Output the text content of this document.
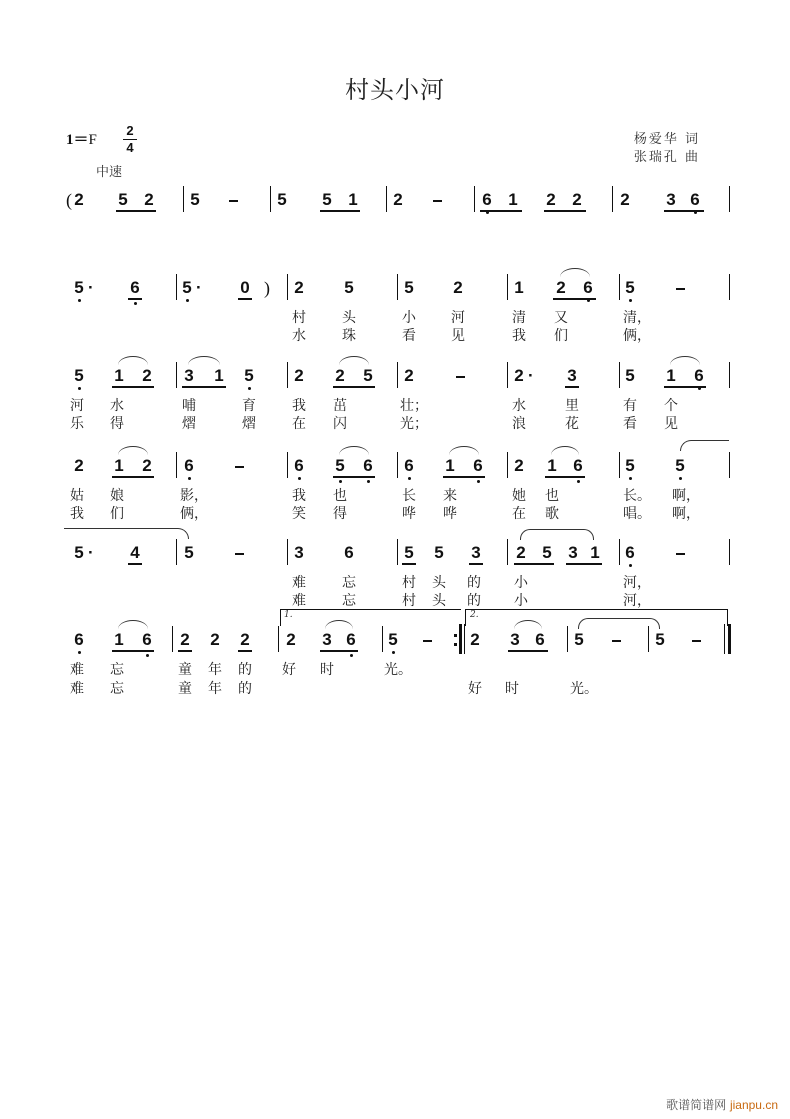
村头小河
1＝F
2
4
中速
杨爱华 词
张瑞孔 曲
( 2 5 2 5	5 5 1 2	6 1 2 2 2 3 6
5 · 6	5 · 0 ) 2 5	5 2	1 2 6 5
村	头	小	河	清	又	清，
水	珠	看	见	我	们	俩，
5 1 2 3 1 5 2 2 5 2	2 · 3	5 1 6
河	水	哺	育	我	茁	壮；	水	里	有	个
乐	得	熠	熠	在	闪	光；	浪	花	看	见
2 1 2 6	6 5 6 6 1 6 2 1 6	5 5
姑	娘	影，	我	也	长	来	她	也	长。 啊，
我	们	俩，	笑	得	哗	哗	在	歌	唱。 啊，
5 · 4	5	3 6	5 5 3 2 5 3 1 6
难	忘	村	头	的	小	河，
难	忘	村	头	的	小	河，
1.	2.
6 1 6 2 2 2 2 3 6 5	2 3 6 5	5
难	忘	童	年	的	好	时	光。
难	忘	童	年	的	好	时	光。
歌谱简谱网 jianpu.cn
